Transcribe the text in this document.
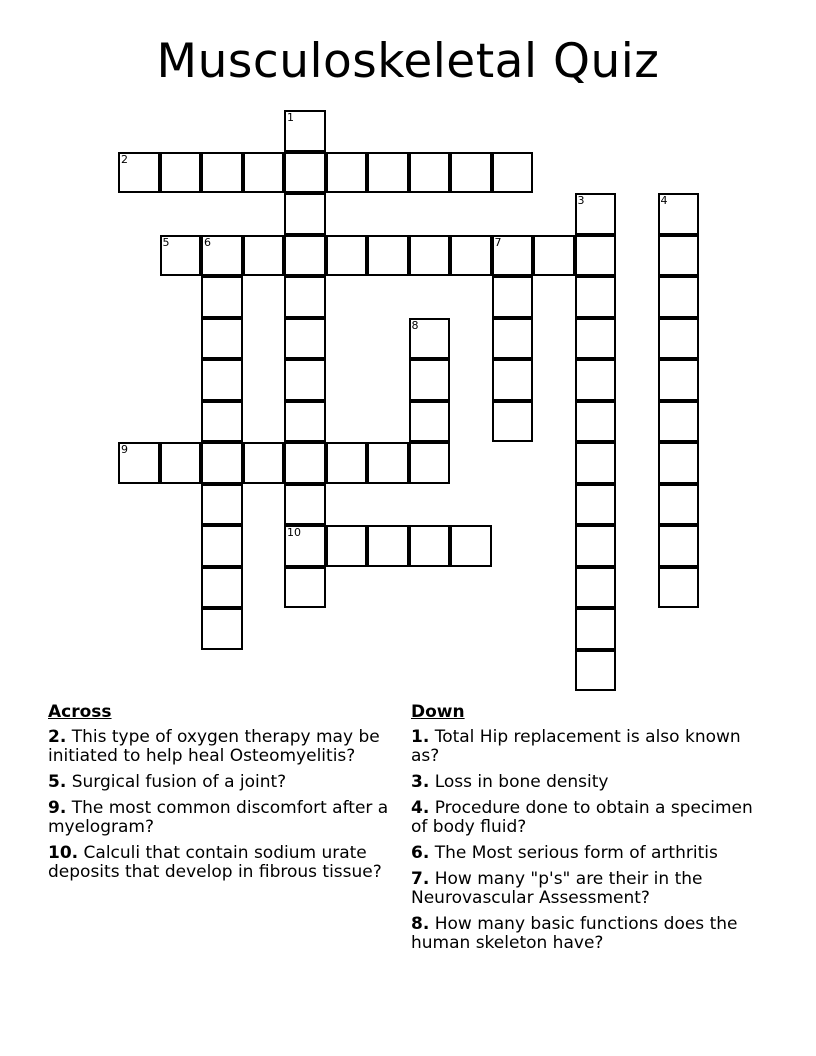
Musculoskeletal Quiz
1
10
2
3	4
5	6	7
8
9
Across
2. This type of oxygen therapy may be initiated to help heal Osteomyelitis?
5. Surgical fusion of a joint?
9. The most common discomfort after a myelogram?
10. Calculi that contain sodium urate deposits that develop in fibrous tissue?
Down
1. Total Hip replacement is also known as?
3. Loss in bone density
4. Procedure done to obtain a specimen of body fluid?
6. The Most serious form of arthritis
7. How many "p's" are their in the Neurovascular Assessment?
8. How many basic functions does the human skeleton have?
